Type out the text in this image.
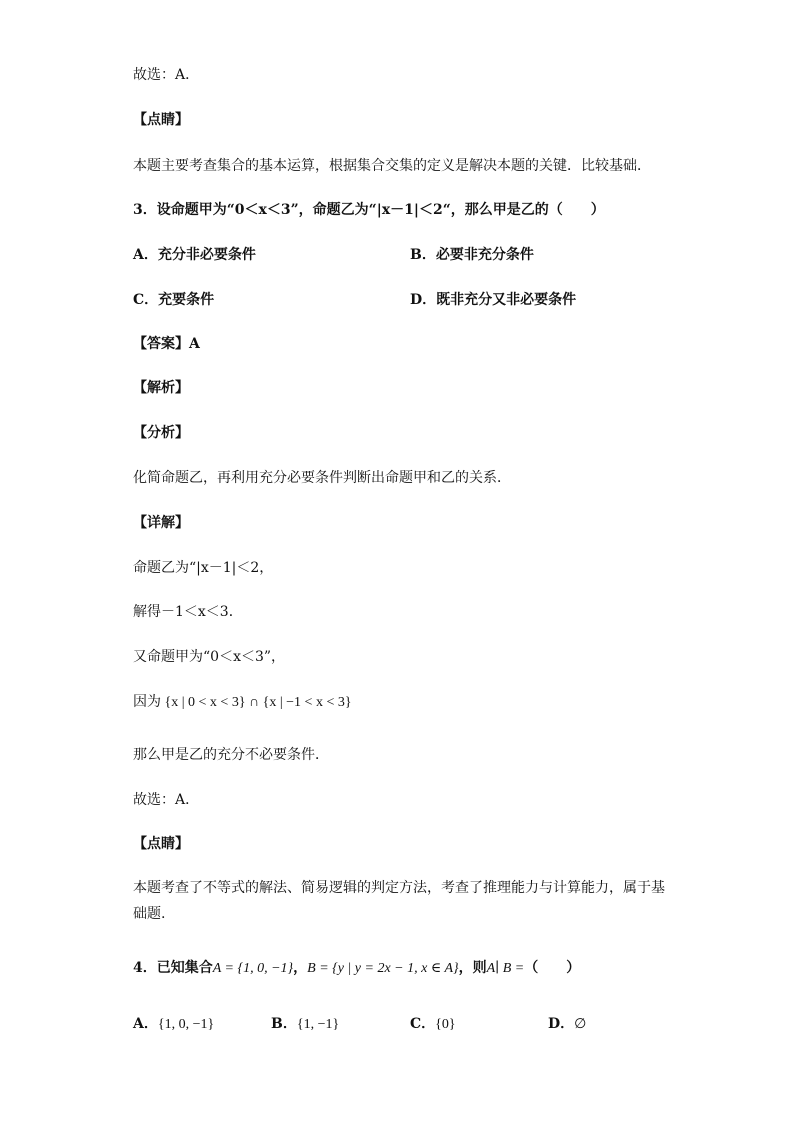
故选：A．
【点睛】
本题主要考查集合的基本运算，根据集合交集的定义是解决本题的关键．比较基础．
3．设命题甲为“0＜x＜3”，命题乙为“|x－1|＜2“，那么甲是乙的（　　）
A．充分非必要条件	B．必要非充分条件
C．充要条件	D．既非充分又非必要条件
【答案】A
【解析】
【分析】
化简命题乙，再利用充分必要条件判断出命题甲和乙的关系．
【详解】
命题乙为“|x－1|＜2，
解得－1＜x＜3．
又命题甲为“0＜x＜3”，
因为 {x | 0 < x < 3} ∩ {x | −1 < x < 3}
那么甲是乙的充分不必要条件．
故选：A．
【点睛】
本题考查了不等式的解法、简易逻辑的判定方法，考查了推理能力与计算能力，属于基础题.
4．已知集合A = {1, 0, −1}，B = {y | y = 2x − 1, x ∈ A}，则A∣ B =（　　）
A．{1, 0, −1}	B．{1, −1}	C．{0}	D．∅
